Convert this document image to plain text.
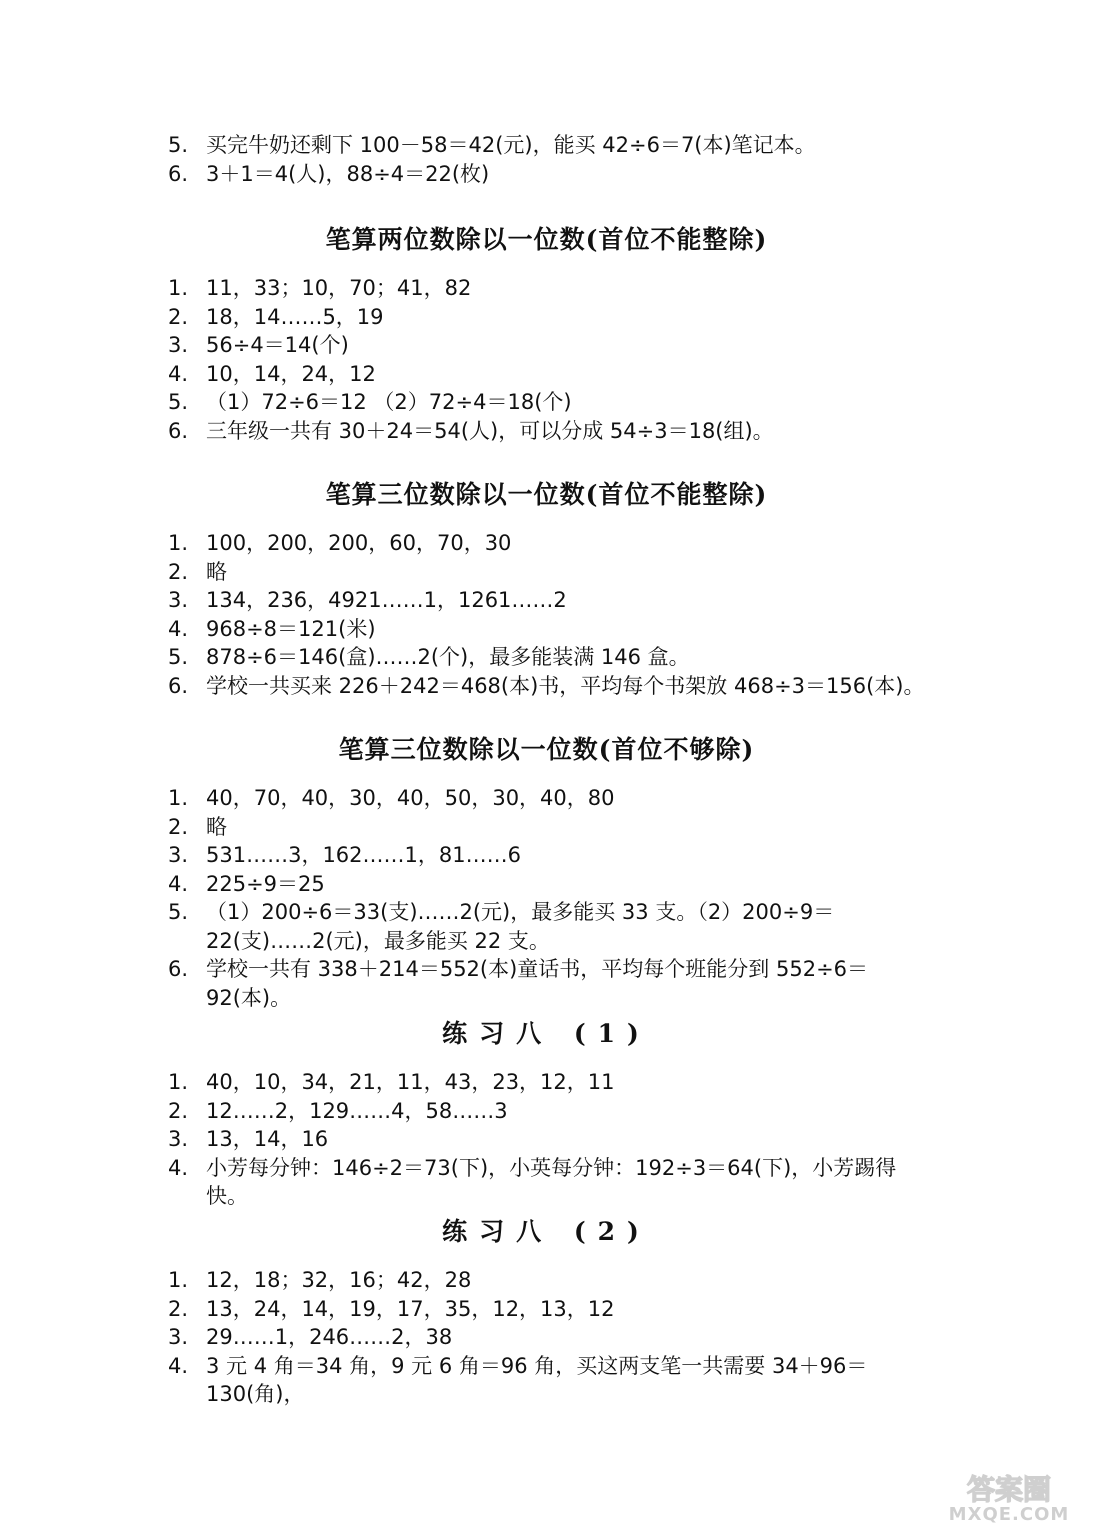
5. 买完牛奶还剩下 100－58＝42(元)，能买 42÷6＝7(本)笔记本。
6. 3＋1＝4(人)，88÷4＝22(枚)
笔算两位数除以一位数(首位不能整除)
1. 11，33；10，70；41，82
2. 18，14……5，19
3. 56÷4＝14(个)
4. 10，14，24，12
5. （1）72÷6＝12 （2）72÷4＝18(个)
6. 三年级一共有 30＋24＝54(人)，可以分成 54÷3＝18(组)。
笔算三位数除以一位数(首位不能整除)
1. 100，200，200，60，70，30
2. 略
3. 134，236，4921……1，1261……2
4. 968÷8＝121(米)
5. 878÷6＝146(盒)……2(个)，最多能装满 146 盒。
6. 学校一共买来 226＋242＝468(本)书，平均每个书架放 468÷3＝156(本)。
笔算三位数除以一位数(首位不够除)
1. 40，70，40，30，40，50，30，40，80
2. 略
3. 531……3，162……1，81……6
4. 225÷9＝25
5. （1）200÷6＝33(支)……2(元)，最多能买 33 支。（2）200÷9＝22(支)……2(元)，最多能买 22 支。
6. 学校一共有 338＋214＝552(本)童话书，平均每个班能分到 552÷6＝92(本)。
练习八 (1)
1. 40，10，34，21，11，43，23，12，11
2. 12……2，129……4，58……3
3. 13，14，16
4. 小芳每分钟：146÷2＝73(下)，小英每分钟：192÷3＝64(下)，小芳踢得快。
练习八 (2)
1. 12，18；32，16；42，28
2. 13，24，14，19，17，35，12，13，12
3. 29……1，246……2，38
4. 3 元 4 角＝34 角，9 元 6 角＝96 角，买这两支笔一共需要 34＋96＝130(角)，
答案圈
MXQE.COM
